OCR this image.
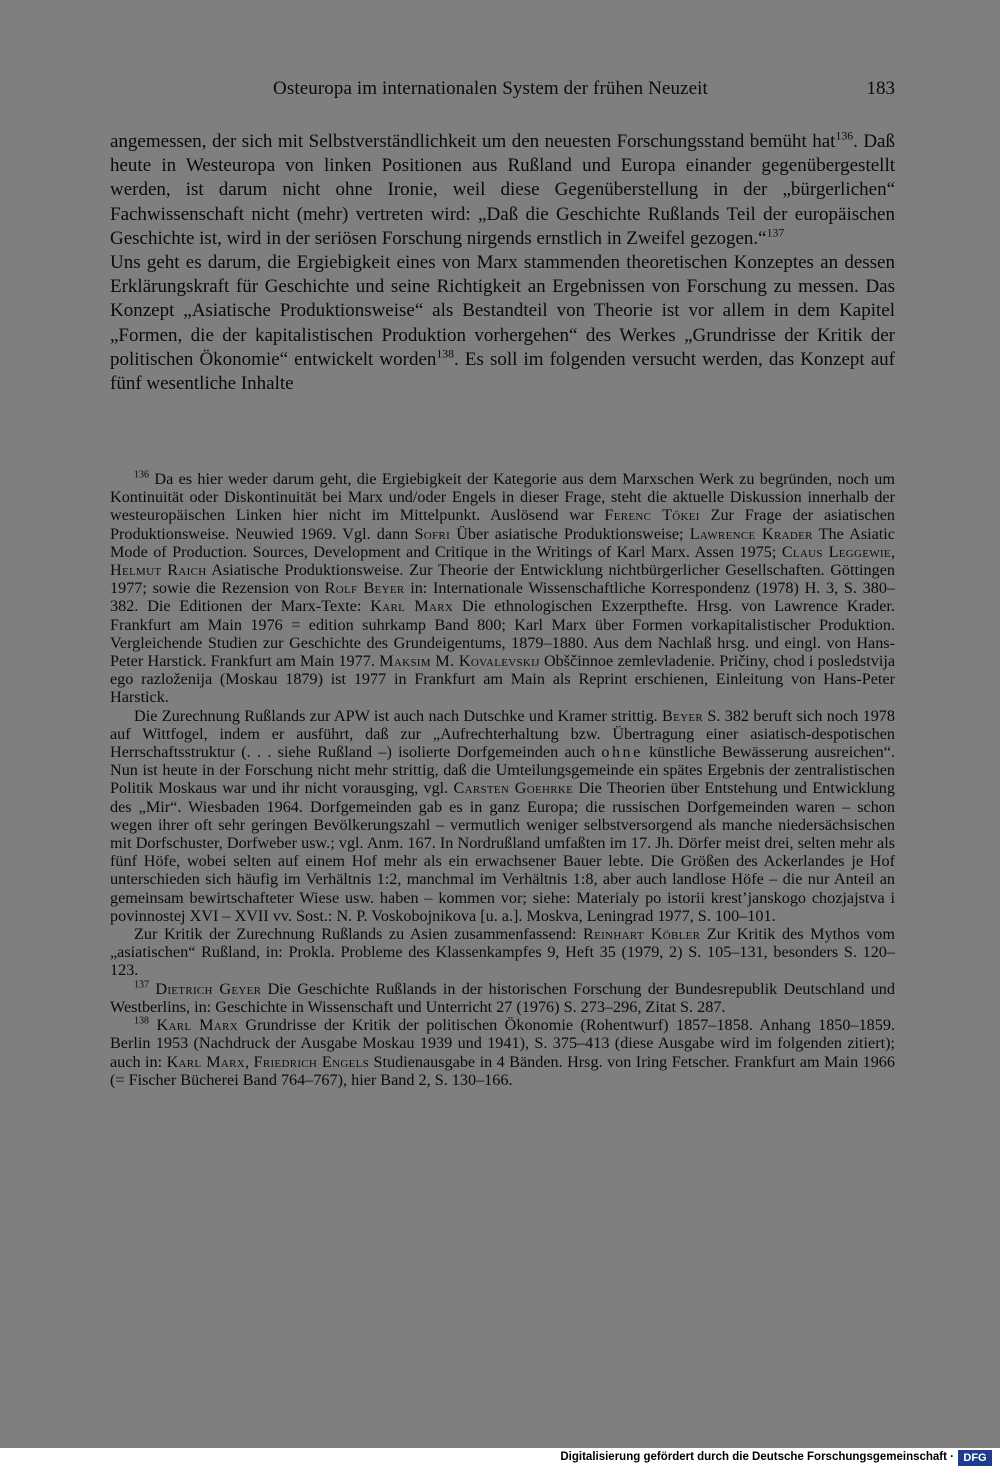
Osteuropa im internationalen System der frühen Neuzeit	183

angemessen, der sich mit Selbstverständlichkeit um den neuesten Forschungsstand bemüht hat$^{136}$. Daß heute in Westeuropa von linken Positionen aus Rußland und Europa einander gegenübergestellt werden, ist darum nicht ohne Ironie, weil diese Gegenüberstellung in der „bürgerlichen“ Fachwissenschaft nicht (mehr) vertreten wird: „Daß die Geschichte Rußlands Teil der europäischen Geschichte ist, wird in der seriösen Forschung nirgends ernstlich in Zweifel gezogen.“$^{137}$

Uns geht es darum, die Ergiebigkeit eines von Marx stammenden theoretischen Konzeptes an dessen Erklärungskraft für Geschichte und seine Richtigkeit an Ergebnissen von Forschung zu messen. Das Konzept „Asiatische Produktionsweise“ als Bestandteil von Theorie ist vor allem in dem Kapitel „Formen, die der kapitalistischen Produktion vorhergehen“ des Werkes „Grundrisse der Kritik der politischen Ökonomie“ entwickelt worden$^{138}$. Es soll im folgenden versucht werden, das Konzept auf fünf wesentliche Inhalte

$^{136}$ Da es hier weder darum geht, die Ergiebigkeit der Kategorie aus dem Marxschen Werk zu begründen, noch um Kontinuität oder Diskontinuität bei Marx und/oder Engels in dieser Frage, steht die aktuelle Diskussion innerhalb der westeuropäischen Linken hier nicht im Mittelpunkt. Auslösend war Ferenc Tőkei Zur Frage der asiatischen Produktionsweise. Neuwied 1969. Vgl. dann Sofri Über asiatische Produktionsweise; Lawrence Krader The Asiatic Mode of Production. Sources, Development and Critique in the Writings of Karl Marx. Assen 1975; Claus Leggewie, Helmut Raich Asiatische Produktionsweise. Zur Theorie der Entwicklung nichtbürgerlicher Gesellschaften. Göttingen 1977; sowie die Rezension von Rolf Beyer in: Internationale Wissenschaftliche Korrespondenz (1978) H. 3, S. 380–382. Die Editionen der Marx-Texte: Karl Marx Die ethnologischen Exzerpthefte. Hrsg. von Lawrence Krader. Frankfurt am Main 1976 = edition suhrkamp Band 800; Karl Marx über Formen vorkapitalistischer Produktion. Vergleichende Studien zur Geschichte des Grundeigentums, 1879–1880. Aus dem Nachlaß hrsg. und eingl. von Hans-Peter Harstick. Frankfurt am Main 1977. Maksim M. Kovalevskij Obščinnoe zemlevladenie. Pričiny, chod i posledstvija ego razloženija (Moskau 1879) ist 1977 in Frankfurt am Main als Reprint erschienen, Einleitung von Hans-Peter Harstick.

Die Zurechnung Rußlands zur APW ist auch nach Dutschke und Kramer strittig. Beyer S. 382 beruft sich noch 1978 auf Wittfogel, indem er ausführt, daß zur „Aufrechterhaltung bzw. Übertragung einer asiatisch-despotischen Herrschaftsstruktur (. . . siehe Rußland –) isolierte Dorfgemeinden auch ohne künstliche Bewässerung ausreichen“. Nun ist heute in der Forschung nicht mehr strittig, daß die Umteilungsgemeinde ein spätes Ergebnis der zentralistischen Politik Moskaus war und ihr nicht vorausging, vgl. Carsten Goehrke Die Theorien über Entstehung und Entwicklung des „Mir“. Wiesbaden 1964. Dorfgemeinden gab es in ganz Europa; die russischen Dorfgemeinden waren – schon wegen ihrer oft sehr geringen Bevölkerungszahl – vermutlich weniger selbstversorgend als manche niedersächsischen mit Dorfschuster, Dorfweber usw.; vgl. Anm. 167. In Nordrußland umfaßten im 17. Jh. Dörfer meist drei, selten mehr als fünf Höfe, wobei selten auf einem Hof mehr als ein erwachsener Bauer lebte. Die Größen des Ackerlandes je Hof unterschieden sich häufig im Verhältnis 1:2, manchmal im Verhältnis 1:8, aber auch landlose Höfe – die nur Anteil an gemeinsam bewirtschafteter Wiese usw. haben – kommen vor; siehe: Materialy po istorii krest’janskogo chozjajstva i povinnostej XVI – XVII vv. Sost.: N. P. Voskobojnikova [u. a.]. Moskva, Leningrad 1977, S. 100–101.

Zur Kritik der Zurechnung Rußlands zu Asien zusammenfassend: Reinhart Köbler Zur Kritik des Mythos vom „asiatischen“ Rußland, in: Prokla. Probleme des Klassenkampfes 9, Heft 35 (1979, 2) S. 105–131, besonders S. 120–123.

$^{137}$ Dietrich Geyer Die Geschichte Rußlands in der historischen Forschung der Bundesrepublik Deutschland und Westberlins, in: Geschichte in Wissenschaft und Unterricht 27 (1976) S. 273–296, Zitat S. 287.

$^{138}$ Karl Marx Grundrisse der Kritik der politischen Ökonomie (Rohentwurf) 1857–1858. Anhang 1850–1859. Berlin 1953 (Nachdruck der Ausgabe Moskau 1939 und 1941), S. 375–413 (diese Ausgabe wird im folgenden zitiert); auch in: Karl Marx, Friedrich Engels Studienausgabe in 4 Bänden. Hrsg. von Iring Fetscher. Frankfurt am Main 1966 (= Fischer Bücherei Band 764–767), hier Band 2, S. 130–166.

Digitalisierung gefördert durch die Deutsche Forschungsgemeinschaft · DFG
